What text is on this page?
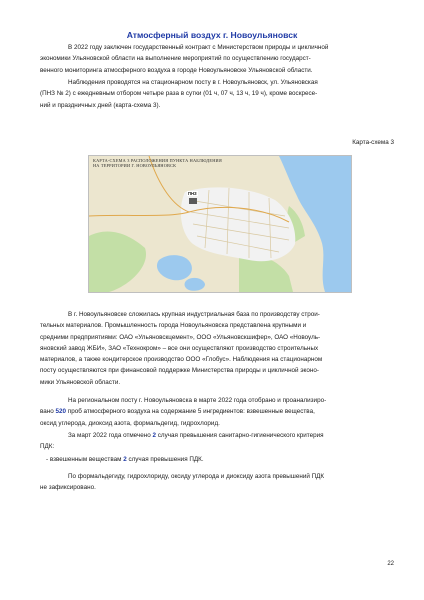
Атмосферный воздух г. Новоульяновск
В 2022 году заключен государственный контракт с Министерством природы и цикличной
экономики Ульяновской области на выполнение мероприятий по осуществлению государст-
венного мониторинга атмосферного воздуха в городе Новоульяновске Ульяновской области.
Наблюдения проводятся на стационарном посту в г. Новоульяновск, ул. Ульяновская
(ПНЗ № 2) с ежедневным отбором четыре раза в сутки (01 ч, 07 ч, 13 ч, 19 ч), кроме воскресе-
ний и праздничных дней (карта-схема 3).
Карта-схема 3
КАРТА-СХЕМА 3 РАСПОЛОЖЕНИЯ ПУНКТА НАБЛЮДЕНИЯ
НА ТЕРРИТОРИИ Г. НОВОУЛЬЯНОВСК
ПНЗ
В г. Новоульяновске сложилась крупная индустриальная база по производству строи-
тельных материалов. Промышленность города Новоульяновска представлена крупными и
средними предприятиями: ОАО «Ульяновскцемент», ООО «Ульяновскшифер», ОАО «Новоуль-
яновский завод ЖБИ», ЗАО «Технокром» – все они осуществляют производство строительных
материалов, а также кондитерское производство ООО «Глобус». Наблюдения на стационарном
посту осуществляются при финансовой поддержке Министерства природы и цикличной эконо-
мики Ульяновской области.
На региональном посту г. Новоульяновска в марте 2022 года отобрано и проанализиро-
вано 520 проб атмосферного воздуха на содержание 5 ингредиентов: взвешенные вещества,
оксид углерода, диоксид азота, формальдегид, гидрохлорид.
За март 2022 года отмечено 2 случая превышения санитарно-гигиенического критерия
ПДК:
- взвешенным веществам 2 случая превышения ПДК.
По формальдегиду, гидрохлориду, оксиду углерода и диоксиду азота превышений ПДК
не зафиксировано.
22
